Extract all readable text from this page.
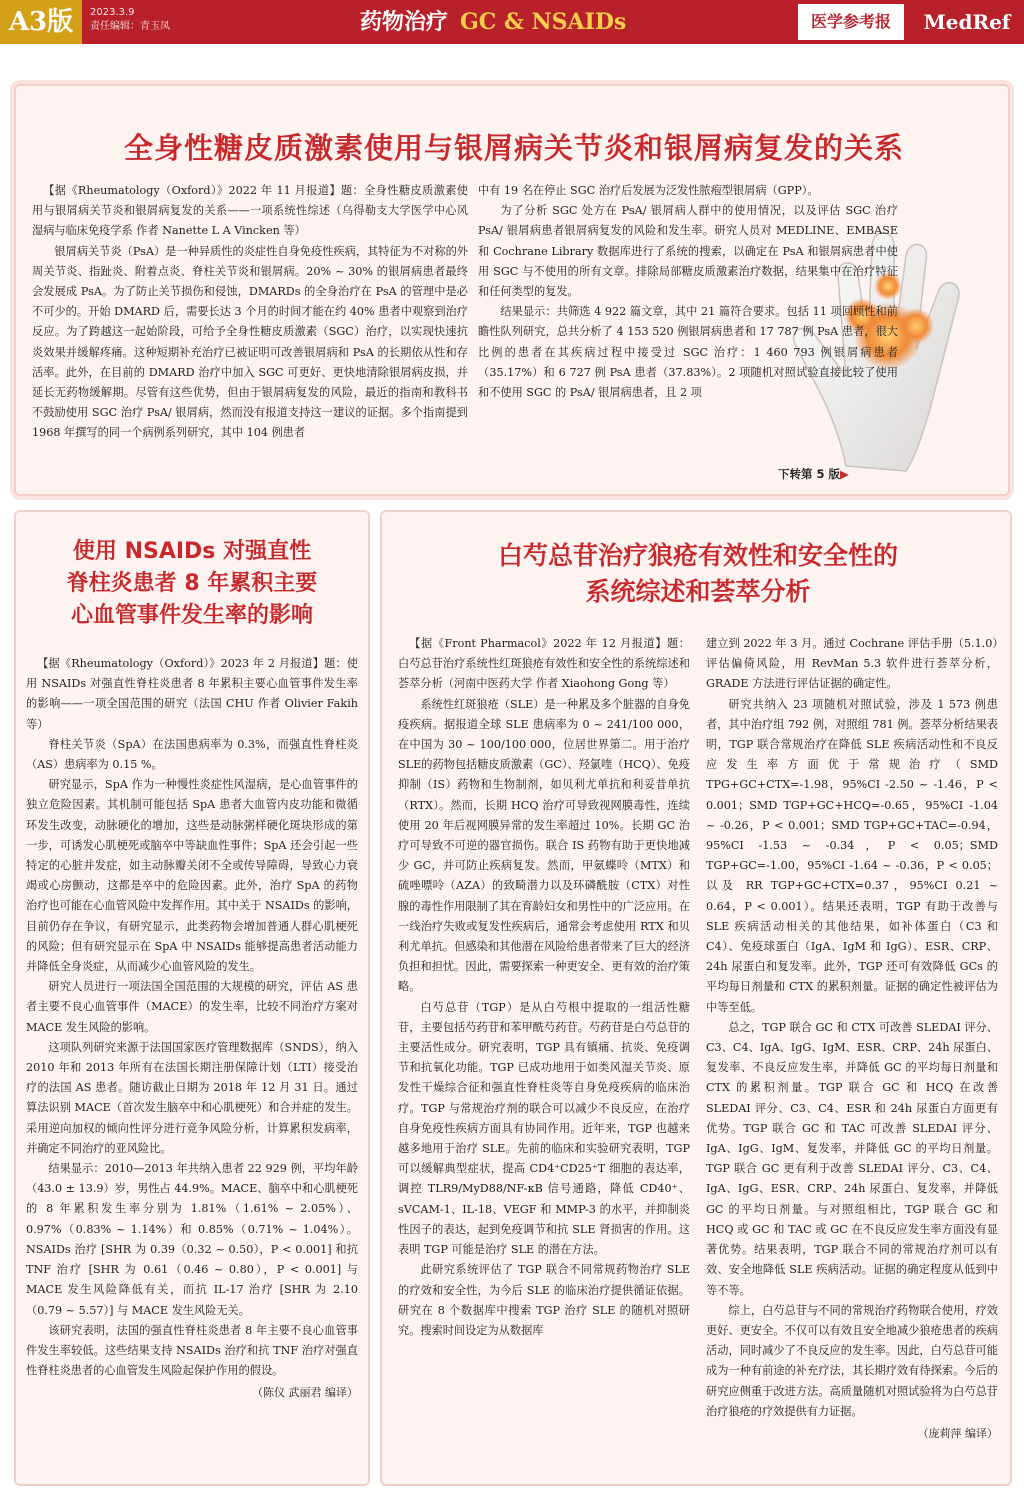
A3版	2023.3.9
责任编辑：青玉凤	药物治疗 GC & NSAIDs	医学参考报	MedRef
全身性糖皮质激素使用与银屑病关节炎和银屑病复发的关系

【据《Rheumatology（Oxford）》2022 年 11 月报道】题：全身性糖皮质激素使用与银屑病关节炎和银屑病复发的关系——一项系统性综述（乌得勒支大学医学中心风湿病与临床免疫学系 作者 Nanette L A Vincken 等）

银屑病关节炎（PsA）是一种异质性的炎症性自身免疫性疾病，其特征为不对称的外周关节炎、指趾炎、附着点炎、脊柱关节炎和银屑病。20% ~ 30% 的银屑病患者最终会发展成 PsA。为了防止关节损伤和侵蚀，DMARDs 的全身治疗在 PsA 的管理中是必不可少的。开始 DMARD 后，需要长达 3 个月的时间才能在约 40% 患者中观察到治疗反应。为了跨越这一起始阶段，可给予全身性糖皮质激素（SGC）治疗，以实现快速抗炎效果并缓解疼痛。这种短期补充治疗已被证明可改善银屑病和 PsA 的长期依从性和存活率。此外，在目前的 DMARD 治疗中加入 SGC 可更好、更快地清除银屑病皮损，并延长无药物缓解期。尽管有这些优势，但由于银屑病复发的风险，最近的指南和教科书不鼓励使用 SGC 治疗 PsA/ 银屑病，然而没有报道支持这一建议的证据。多个指南提到 1968 年撰写的同一个病例系列研究，其中 104 例患者

中有 19 名在停止 SGC 治疗后发展为泛发性脓疱型银屑病（GPP）。

为了分析 SGC 处方在 PsA/ 银屑病人群中的使用情况，以及评估 SGC 治疗 PsA/ 银屑病患者银屑病复发的风险和发生率。研究人员对 MEDLINE、EMBASE 和 Cochrane Library 数据库进行了系统的搜索，以确定在 PsA 和银屑病患者中使用 SGC 与不使用的所有文章。排除局部糖皮质激素治疗数据，结果集中在治疗特征和任何类型的复发。

结果显示：共筛选 4 922 篇文章，其中 21 篇符合要求。包括 11 项回顾性和前瞻性队列研究，总共分析了 4 153 520 例银屑病患者和 17 787 例 PsA 患者，很大比例的患者在其疾病过程中接受过 SGC 治疗：1 460 793 例银屑病患者（35.17%）和 6 727 例 PsA 患者（37.83%）。2 项随机对照试验直接比较了使用和不使用 SGC 的 PsA/ 银屑病患者，且 2 项

下转第 5 版▶
使用 NSAIDs 对强直性
脊柱炎患者 8 年累积主要
心血管事件发生率的影响

【据《Rheumatology（Oxford）》2023 年 2 月报道】题：使用 NSAIDs 对强直性脊柱炎患者 8 年累积主要心血管事件发生率的影响——一项全国范围的研究（法国 CHU 作者 Olivier Fakih 等）

脊柱关节炎（SpA）在法国患病率为 0.3%，而强直性脊柱炎（AS）患病率为 0.15 %。

研究显示，SpA 作为一种慢性炎症性风湿病，是心血管事件的独立危险因素。其机制可能包括 SpA 患者大血管内皮功能和微循环发生改变，动脉硬化的增加，这些是动脉粥样硬化斑块形成的第一步，可诱发心肌梗死或脑卒中等缺血性事件；SpA 还会引起一些特定的心脏并发症，如主动脉瓣关闭不全或传导障碍，导致心力衰竭或心房颤动，这都是卒中的危险因素。此外，治疗 SpA 的药物治疗也可能在心血管风险中发挥作用。其中关于 NSAIDs 的影响，目前仍存在争议，有研究显示，此类药物会增加普通人群心肌梗死的风险；但有研究显示在 SpA 中 NSAIDs 能够提高患者活动能力并降低全身炎症，从而减少心血管风险的发生。

研究人员进行一项法国全国范围的大规模的研究，评估 AS 患者主要不良心血管事件（MACE）的发生率，比较不同治疗方案对 MACE 发生风险的影响。

这项队列研究来源于法国国家医疗管理数据库（SNDS），纳入 2010 年和 2013 年所有在法国长期注册保障计划（LTI）接受治疗的法国 AS 患者。随访截止日期为 2018 年 12 月 31 日。通过算法识别 MACE（首次发生脑卒中和心肌梗死）和合并症的发生。采用逆向加权的倾向性评分进行竞争风险分析，计算累积发病率，并确定不同治疗的亚风险比。

结果显示：2010—2013 年共纳入患者 22 929 例，平均年龄（43.0 ± 13.9）岁，男性占 44.9%。MACE、脑卒中和心肌梗死的 8 年累积发生率分别为 1.81%（1.61% ~ 2.05%）、0.97%（0.83% ~ 1.14%）和 0.85%（0.71% ~ 1.04%）。NSAIDs 治疗 [SHR 为 0.39（0.32 ~ 0.50），P < 0.001] 和抗 TNF 治疗 [SHR 为 0.61（0.46 ~ 0.80），P < 0.001] 与 MACE 发生风险降低有关，而抗 IL-17 治疗 [SHR 为 2.10（0.79 ~ 5.57）] 与 MACE 发生风险无关。

该研究表明，法国的强直性脊柱炎患者 8 年主要不良心血管事件发生率较低。这些结果支持 NSAIDs 治疗和抗 TNF 治疗对强直性脊柱炎患者的心血管发生风险起保护作用的假设。

（陈仪 武丽君 编译）
白芍总苷治疗狼疮有效性和安全性的
系统综述和荟萃分析

【据《Front Pharmacol》2022 年 12 月报道】题：白芍总苷治疗系统性红斑狼疮有效性和安全性的系统综述和荟萃分析（河南中医药大学 作者 Xiaohong Gong 等）

系统性红斑狼疮（SLE）是一种累及多个脏器的自身免疫疾病。据报道全球 SLE 患病率为 0 ~ 241/100 000，在中国为 30 ~ 100/100 000，位居世界第二。用于治疗SLE的药物包括糖皮质激素（GC）、羟氯喹（HCQ）、免疫抑制（IS）药物和生物制剂，如贝利尤单抗和利妥昔单抗（RTX）。然而，长期 HCQ 治疗可导致视网膜毒性，连续使用 20 年后视网膜异常的发生率超过 10%。长期 GC 治疗可导致不可逆的器官损伤。联合 IS 药物有助于更快地减少 GC，并可防止疾病复发。然而，甲氨蝶呤（MTX）和硫唑嘌呤（AZA）的致畸潜力以及环磷酰胺（CTX）对性腺的毒性作用限制了其在育龄妇女和男性中的广泛应用。在一线治疗失败或复发性疾病后，通常会考虑使用 RTX 和贝利尤单抗。但感染和其他潜在风险给患者带来了巨大的经济负担和担忧。因此，需要探索一种更安全、更有效的治疗策略。

白芍总苷（TGP）是从白芍根中提取的一组活性糖苷，主要包括芍药苷和苯甲酰芍药苷。芍药苷是白芍总苷的主要活性成分。研究表明，TGP 具有镇痛、抗炎、免疫调节和抗氧化功能。TGP 已成功地用于如类风湿关节炎、原发性干燥综合征和强直性脊柱炎等自身免疫疾病的临床治疗。TGP 与常规治疗剂的联合可以减少不良反应，在治疗自身免疫性疾病方面具有协同作用。近年来，TGP 也越来越多地用于治疗 SLE。先前的临床和实验研究表明，TGP 可以缓解典型症状，提高 CD4⁺CD25⁺T 细胞的表达率，调控 TLR9/MyD88/NF-κB 信号通路，降低 CD40⁺、sVCAM-1、IL-18、VEGF 和 MMP-3 的水平，并抑制炎性因子的表达，起到免疫调节和抗 SLE 肾损害的作用。这表明 TGP 可能是治疗 SLE 的潜在方法。

此研究系统评估了 TGP 联合不同常规药物治疗 SLE 的疗效和安全性，为今后 SLE 的临床治疗提供循证依据。研究在 8 个数据库中搜索 TGP 治疗 SLE 的随机对照研究。搜索时间设定为从数据库

建立到 2022 年 3 月。通过 Cochrane 评估手册（5.1.0）评估偏倚风险，用 RevMan 5.3 软件进行荟萃分析，GRADE 方法进行评估证据的确定性。

研究共纳入 23 项随机对照试验，涉及 1 573 例患者，其中治疗组 792 例，对照组 781 例。荟萃分析结果表明，TGP 联合常规治疗在降低 SLE 疾病活动性和不良反应发生率方面优于常规治疗（SMD TPG+GC+CTX=-1.98，95%CI -2.50 ~ -1.46，P < 0.001；SMD TGP+GC+HCQ=-0.65，95%CI -1.04 ~ -0.26，P < 0.001；SMD TGP+GC+TAC=-0.94，95%CI -1.53 ~ -0.34，P < 0.05；SMD TGP+GC=-1.00，95%CI -1.64 ~ -0.36，P < 0.05；以及 RR TGP+GC+CTX=0.37，95%CI 0.21 ~ 0.64，P < 0.001）。结果还表明，TGP 有助于改善与 SLE 疾病活动相关的其他结果，如补体蛋白（C3 和 C4）、免疫球蛋白（IgA、IgM 和 IgG）、ESR、CRP、24h 尿蛋白和复发率。此外，TGP 还可有效降低 GCs 的平均每日剂量和 CTX 的累积剂量。证据的确定性被评估为中等至低。

总之，TGP 联合 GC 和 CTX 可改善 SLEDAI 评分、C3、C4、IgA、IgG、IgM、ESR、CRP、24h 尿蛋白、复发率、不良反应发生率，并降低 GC 的平均每日剂量和 CTX 的累积剂量。TGP 联合 GC 和 HCQ 在改善 SLEDAI 评分、C3、C4、ESR 和 24h 尿蛋白方面更有优势。TGP 联合 GC 和 TAC 可改善 SLEDAI 评分、IgA、IgG、IgM、复发率，并降低 GC 的平均日剂量。TGP 联合 GC 更有利于改善 SLEDAI 评分、C3、C4、IgA、IgG、ESR、CRP、24h 尿蛋白、复发率，并降低 GC 的平均日剂量。与对照组相比，TGP 联合 GC 和 HCQ 或 GC 和 TAC 或 GC 在不良反应发生率方面没有显著优势。结果表明，TGP 联合不同的常规治疗剂可以有效、安全地降低 SLE 疾病活动。证据的确定程度从低到中等不等。

综上，白芍总苷与不同的常规治疗药物联合使用，疗效更好、更安全。不仅可以有效且安全地减少狼疮患者的疾病活动，同时减少了不良反应的发生率。因此，白芍总苷可能成为一种有前途的补充疗法，其长期疗效有待探索。今后的研究应侧重于改进方法。高质量随机对照试验将为白芍总苷治疗狼疮的疗效提供有力证据。

（庞莉萍 编译）
